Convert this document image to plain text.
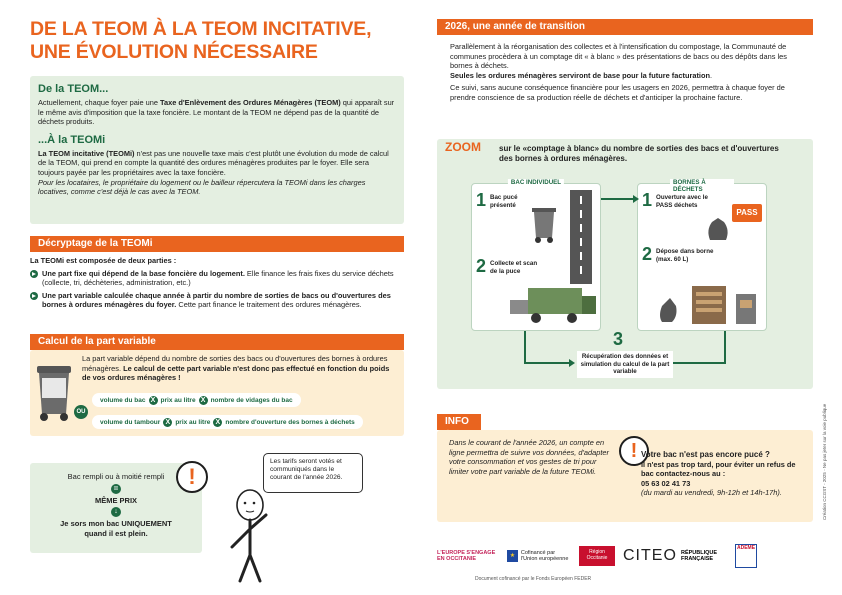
DE LA TEOM À LA TEOM INCITATIVE,
UNE ÉVOLUTION NÉCESSAIRE
De la TEOM...
Actuellement, chaque foyer paie une Taxe d'Enlèvement des Ordures Ménagères (TEOM) qui apparaît sur le même avis d'imposition que la taxe foncière. Le montant de la TEOM ne dépend pas de la quantité de déchets produits.
...À la TEOMi
La TEOM incitative (TEOMi) n'est pas une nouvelle taxe mais c'est plutôt une évolution du mode de calcul de la TEOM, qui prend en compte la quantité des ordures ménagères produites par le foyer. Elle sera toujours payée par les propriétaires avec la taxe foncière.
Pour les locataires, le propriétaire du logement ou le bailleur répercutera la TEOMi dans les charges locatives, comme c'est déjà le cas avec la TEOM.
Décryptage de la TEOMi
La TEOMi est composée de deux parties :
Une part fixe qui dépend de la base foncière du logement. Elle finance les frais fixes du service déchets (collecte, tri, déchèteries, administration, etc.)
Une part variable calculée chaque année à partir du nombre de sorties de bacs ou d'ouvertures des bornes à ordures ménagères du foyer. Cette part finance le traitement des ordures ménagères.
Calcul de la part variable
La part variable dépend du nombre de sorties des bacs ou d'ouvertures des bornes à ordures ménagères. Le calcul de cette part variable n'est donc pas effectué en fonction du poids de vos ordures ménagères !
OU
volume du bac X prix au litre X nombre de vidages du bac
volume du tambour X prix au litre X nombre d'ouverture des bornes à déchets
Bac rempli ou à moitié rempli
=
MÊME PRIX
↓
Je sors mon bac UNIQUEMENT
quand il est plein.
!
Les tarifs seront votés et communiqués dans le courant de l'année 2026.
2026, une année de transition
Parallèlement à la réorganisation des collectes et à l'intensification du compostage, la Communauté de communes procèdera à un comptage dit « à blanc » des présentations de bacs ou des dépôts dans les bornes à déchets.
Seules les ordures ménagères serviront de base pour la future facturation.
Ce suivi, sans aucune conséquence financière pour les usagers en 2026, permettra à chaque foyer de prendre conscience de sa production réelle de déchets et d'anticiper la prochaine facture.
ZOOM sur le «comptage à blanc» du nombre de sorties des bacs et d'ouvertures des bornes à ordures ménagères.
BAC INDIVIDUEL
1 Bac pucé présenté
2 Collecte et scan de la puce
BORNES À DÉCHETS
1 Ouverture avec le PASS déchets
PASS
2 Dépose dans borne (max. 60 L)
3
Récupération des données et simulation du calcul de la part variable
INFO
Dans le courant de l'année 2026, un compte en ligne permettra de suivre vos données, d'adapter votre consommation et vos gestes de tri pour limiter votre part variable de la future TEOMi.
! Votre bac n'est pas encore pucé ?
Il n'est pas trop tard, pour éviter un refus de bac contactez-nous au :
05 63 02 41 73
(du mardi au vendredi, 9h-12h et 14h-17h).
L'EUROPE S'ENGAGE EN OCCITANIE	★	Cofinancé par l'Union européenne
Région Occitanie CITEO RÉPUBLIQUE FRANÇAISE
ADEME
Document cofinancé par le Fonds Européen FEDER
Création CCGST - 2025 - Ne pas jeter sur la voie publique
